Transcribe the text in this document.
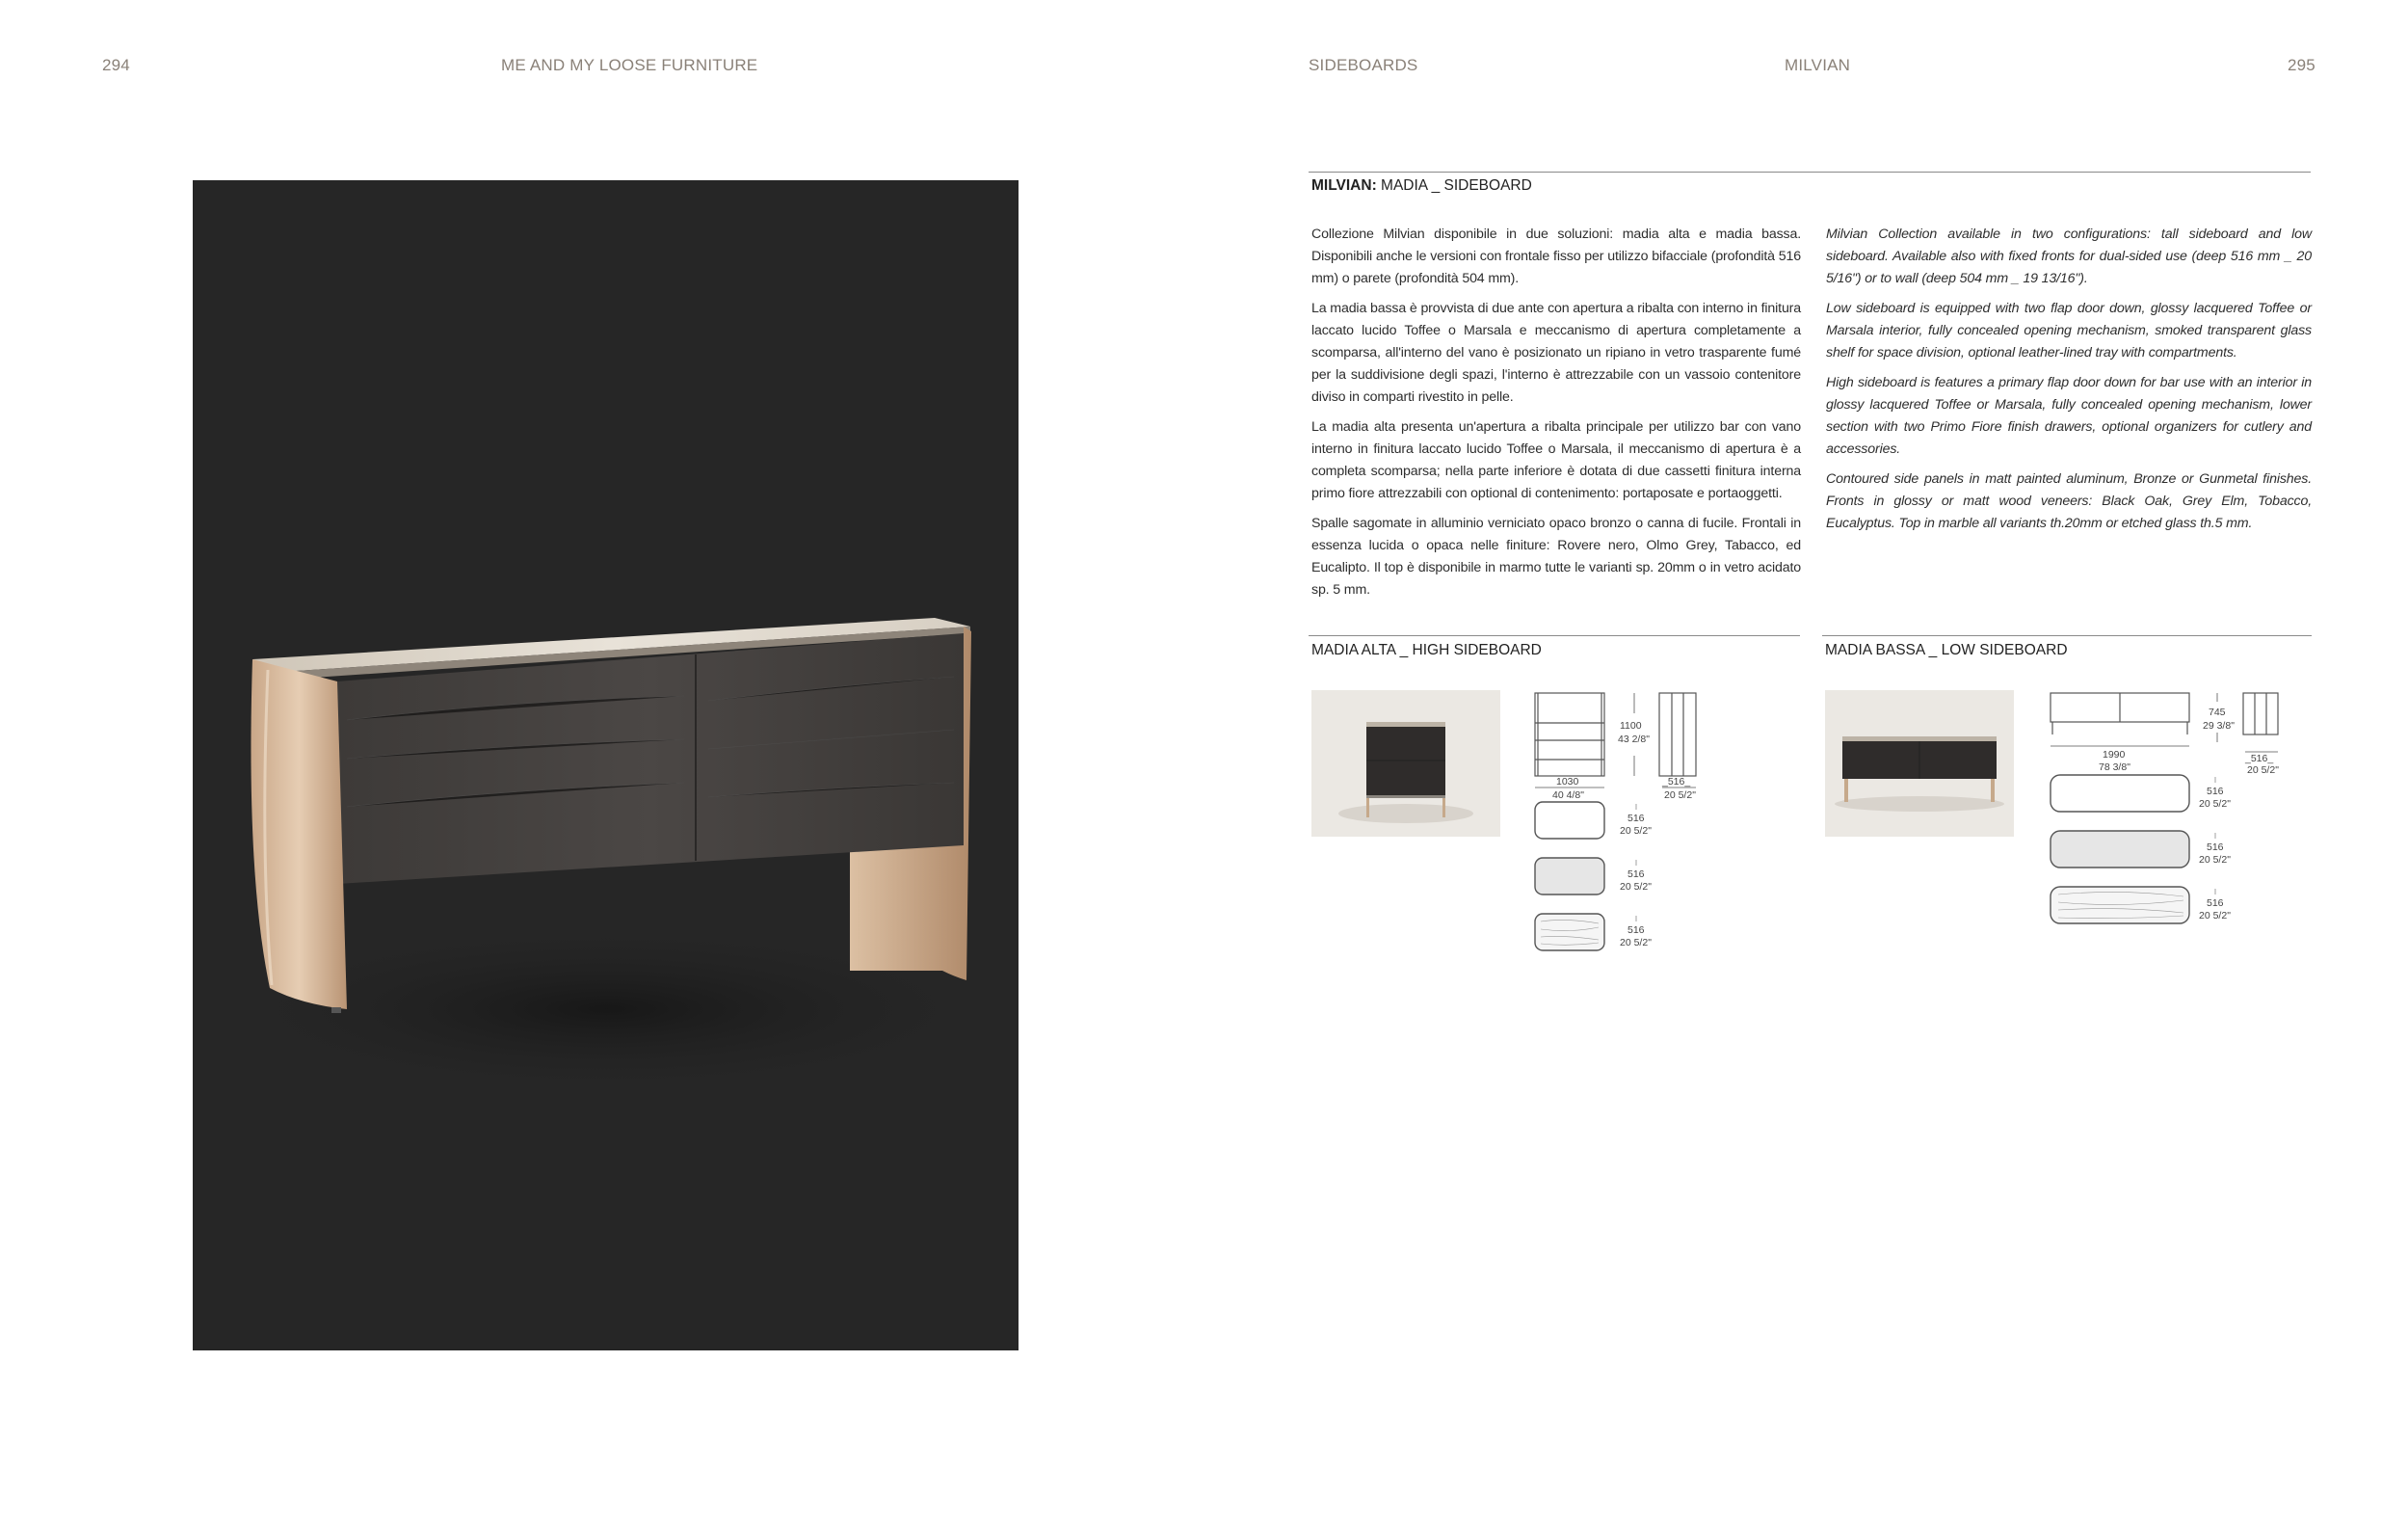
294	ME AND MY LOOSE FURNITURE	SIDEBOARDS	MILVIAN	295
MILVIAN: MADIA _ SIDEBOARD

Collezione Milvian disponibile in due soluzioni: madia alta e madia bassa. Disponibili anche le versioni con frontale fisso per utilizzo bifacciale (profondità 516 mm) o parete (profondità 504 mm).

La madia bassa è provvista di due ante con apertura a ribalta con interno in finitura laccato lucido Toffee o Marsala e meccanismo di apertura completamente a scomparsa, all'interno del vano è posizionato un ripiano in vetro trasparente fumé per la suddivisione degli spazi, l'interno è attrezzabile con un vassoio contenitore diviso in comparti rivestito in pelle.

La madia alta presenta un'apertura a ribalta principale per utilizzo bar con vano interno in finitura laccato lucido Toffee o Marsala, il meccanismo di apertura è a completa scomparsa; nella parte inferiore è dotata di due cassetti finitura interna primo fiore attrezzabili con optional di contenimento: portaposate e portaoggetti.

Spalle sagomate in alluminio verniciato opaco bronzo o canna di fucile. Frontali in essenza lucida o opaca nelle finiture: Rovere nero, Olmo Grey, Tabacco, ed Eucalipto. Il top è disponibile in marmo tutte le varianti sp. 20mm o in vetro acidato sp. 5 mm.

Milvian Collection available in two configurations: tall sideboard and low sideboard. Available also with fixed fronts for dual-sided use (deep 516 mm _ 20 5/16") or to wall (deep 504 mm _ 19 13/16").

Low sideboard is equipped with two flap door down, glossy lacquered Toffee or Marsala interior, fully concealed opening mechanism, smoked transparent glass shelf for space division, optional leather-lined tray with compartments.

High sideboard is features a primary flap door down for bar use with an interior in glossy lacquered Toffee or Marsala, fully concealed opening mechanism, lower section with two Primo Fiore finish drawers, optional organizers for cutlery and accessories.

Contoured side panels in matt painted aluminum, Bronze or Gunmetal finishes. Fronts in glossy or matt wood veneers: Black Oak, Grey Elm, Tobacco, Eucalyptus. Top in marble all variants th.20mm or etched glass th.5 mm.

MADIA ALTA _ HIGH SIDEBOARD
1100
43 2/8"
1030
40 4/8"
_516_
20 5/2"
516
20 5/2"
516
20 5/2"
516
20 5/2"
MADIA BASSA _ LOW SIDEBOARD
745
29 3/8"
1990
78 3/8"
_516_
20 5/2"
516
20 5/2"
516
20 5/2"
516
20 5/2"
